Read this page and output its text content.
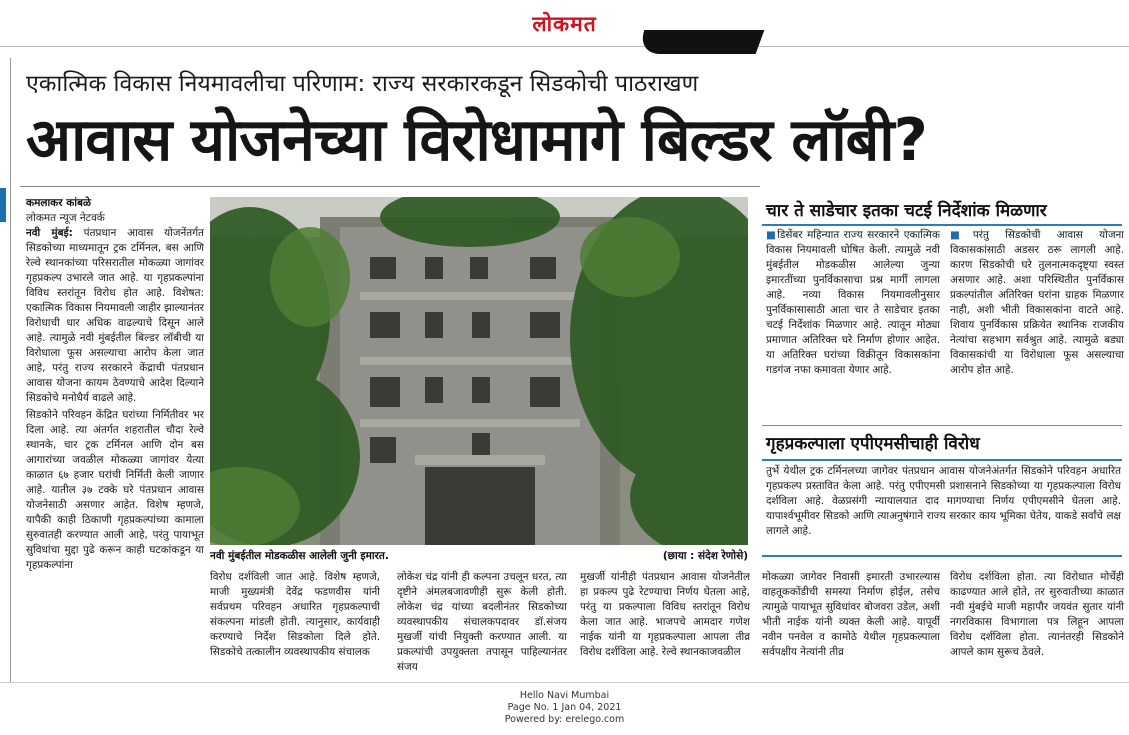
लोकमत
एकात्मिक विकास नियमावलीचा परिणाम: राज्य सरकारकडून सिडकोची पाठराखण
आवास योजनेच्या विरोधामागे बिल्डर लॉबी?
कमलाकर कांबळे
लोकमत न्यूज नेटवर्क

नवी मुंबई: पंतप्रधान आवास योजनेंतर्गत सिडकोच्या माध्यमातून ट्रक टर्मिनल, बस आणि रेल्वे स्थानकांच्या परिसरातील मोकळ्या जागांवर गृहप्रकल्प उभारले जात आहे. या गृहप्रकल्पांना विविध स्तरांतून विरोध होत आहे. विशेषत: एकात्मिक विकास नियमावली जाहीर झाल्यानंतर विरोधाची धार अधिक वाढल्याचे दिसून आले आहे. त्यामुळे नवी मुंबईतील बिल्डर लॉबीची या विरोधाला फूस असल्याचा आरोप केला जात आहे, परंतु राज्य सरकारने केंद्राची पंतप्रधान आवास योजना कायम ठेवण्याचे आदेश दिल्याने सिडकोचे मनोधैर्य वाढले आहे.

सिडकोने परिवहन केंद्रित घरांच्या निर्मितीवर भर दिला आहे. त्या अंतर्गत शहरातील चौदा रेल्वे स्थानके, चार ट्रक टर्मिनल आणि दोन बस आगारांच्या जवळील मोकळ्या जागांवर येत्या काळात ६७ हजार घरांची निर्मिती केली जाणार आहे. यातील ३७ टक्के घरे पंतप्रधान आवास योजनेसाठी असणार आहेत. विशेष म्हणजे, यापैकी काही ठिकाणी गृहप्रकल्पांच्या कामाला सुरुवातही करण्यात आली आहे, परंतु पायाभूत सुविधांचा मुद्दा पुढे करून काही घटकांकडून या गृहप्रकल्पांना

नवी मुंबईतील मोडकळीस आलेली जुनी इमारत.	(छाया : संदेश रेणोसे)
विरोध दर्शविली जात आहे. विशेष म्हणजे, माजी मुख्यमंत्री देवेंद्र फडणवीस यांनी सर्वप्रथम परिवहन अधारित गृहप्रकल्पाची संकल्पना मांडली होती. त्यानुसार, कार्यवाही करण्याचे निर्देश सिडकोला दिले होते. सिडकोचे तत्कालीन व्यवस्थापकीय संचालक
लोकेश चंद्र यांनी ही कल्पना उचलून धरत, त्या दृष्टीने अंमलबजावणीही सुरू केली होती. लोकेश चंद्र यांच्या बदलीनंतर सिडकोच्या व्यवस्थापकीय संचालकपदावर डॉ.संजय मुखर्जी यांची नियुक्ती करण्यात आली. या प्रकल्पांची उपयुक्तता तपासून पाहिल्यानंतर संजय
मुखर्जी यांनीही पंतप्रधान आवास योजनेतील हा प्रकल्प पुढे रेटण्याचा निर्णय घेतला आहे, परंतु या प्रकल्पाला विविध स्तरांतून विरोध केला जात आहे. भाजपचे आमदार गणेश नाईक यांनी या गृहप्रकल्पाला आपला तीव्र विरोध दर्शविला आहे. रेल्वे स्थानकाजवळील
चार ते साडेचार इतका चटई निर्देशांक मिळणार
■डिसेंबर महिन्यात राज्य सरकारने एकात्मिक विकास नियमावली घोषित केली. त्यामुळे नवी मुंबईतील मोडकळीस आलेल्या जुन्या इमारतींच्या पुनर्विकासाचा प्रश्न मार्गी लागला आहे. नव्या विकास नियमावलीनुसार पुनर्विकासासाठी आता चार ते साडेचार इतका चटई निर्देशांक मिळणार आहे. त्यातून मोठ्या प्रमाणात अतिरिक्त घरे निर्माण होणार आहेत. या अतिरिक्त घरांच्या विक्रीतून विकासकांना गडगंज नफा कमावता येणार आहे.
■परंतु सिडकोची आवास योजना विकासकांसाठी अडसर ठरू लागली आहे. कारण सिडकोची घरे तुलनात्मकदृष्ट्या स्वस्त असणार आहे. अशा परिस्थितीत पुनर्विकास प्रकल्पांतील अतिरिक्त घरांना ग्राहक मिळणार नाही, अशी भीती विकासकांना वाटते आहे. शिवाय पुनर्विकास प्रक्रियेत स्थानिक राजकीय नेत्यांचा सहभाग सर्वश्रुत आहे. त्यामुळे बड्या विकासकांची या विरोधाला फूस असल्याचा आरोप होत आहे.
गृहप्रकल्पाला एपीएमसीचाही विरोध
तुर्भे येथील ट्रक टर्मिनलच्या जागेवर पंतप्रधान आवास योजनेअंतर्गत सिडकोने परिवहन अधारित गृहप्रकल्प प्रस्तावित केला आहे. परंतु एपीएमसी प्रशासनाने सिडकोच्या या गृहप्रकल्पाला विरोध दर्शविला आहे. वेळप्रसंगी न्यायालयात दाद मागण्याचा निर्णय एपीएमसीने घेतला आहे. यापार्श्वभूमीवर सिडको आणि त्याअनुषंगाने राज्य सरकार काय भूमिका घेतेय, याकडे सर्वांचे लक्ष लागले आहे.
मोकळ्या जागेवर निवासी इमारती उभारल्यास वाहतूककोंडीची समस्या निर्माण होईल, तसेच त्यामुळे पायाभूत सुविधांवर बोजवरा उडेल, अशी भीती नाईक यांनी व्यक्त केली आहे. यापूर्वी नवीन पनवेल व कामोठे येथील गृहप्रकल्पाला सर्वपक्षीय नेत्यांनी तीव्र
विरोध दर्शविला होता. त्या विरोधात मोर्चेही काढण्यात आले होते, तर सुरुवातीच्या काळात नवी मुंबईचे माजी महापौर जयवंत सुतार यांनी नगरविकास विभागाला पत्र लिहून आपला विरोध दर्शविला होता. त्यानंतरही सिडकोने आपले काम सुरूच ठेवले.
Hello Navi Mumbai
Page No. 1 Jan 04, 2021
Powered by: erelego.com
